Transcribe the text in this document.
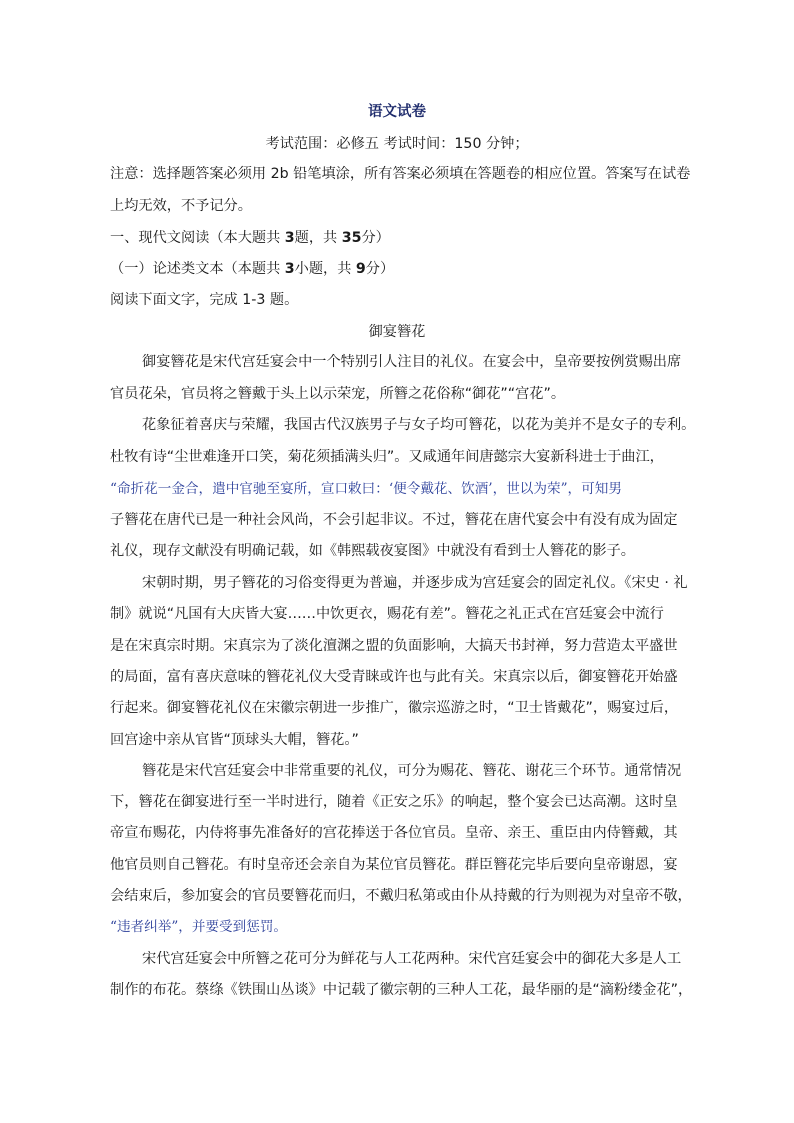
语文试卷
考试范围：必修五 考试时间：150 分钟；
注意：选择题答案必须用 2b 铅笔填涂，所有答案必须填在答题卷的相应位置。答案写在试卷
上均无效，不予记分。
一、现代文阅读（本大题共 3题，共 35分）
（一）论述类文本（本题共 3小题，共 9分）
阅读下面文字，完成 1-3 题。
御宴簪花
御宴簪花是宋代宫廷宴会中一个特别引人注目的礼仪。在宴会中，皇帝要按例赏赐出席
官员花朵，官员将之簪戴于头上以示荣宠，所簪之花俗称“御花”“宫花”。
花象征着喜庆与荣耀，我国古代汉族男子与女子均可簪花，以花为美并不是女子的专利。
杜牧有诗“尘世难逢开口笑，菊花须插满头归”。又咸通年间唐懿宗大宴新科进士于曲江，
“命折花一金合，遣中官驰至宴所，宣口敕曰：‘便令戴花、饮酒’，世以为荣”，可知男
子簪花在唐代已是一种社会风尚，不会引起非议。不过，簪花在唐代宴会中有没有成为固定
礼仪，现存文献没有明确记载，如《韩熙载夜宴图》中就没有看到士人簪花的影子。
宋朝时期，男子簪花的习俗变得更为普遍，并逐步成为宫廷宴会的固定礼仪。《宋史 · 礼
制》就说“凡国有大庆皆大宴……中饮更衣，赐花有差”。簪花之礼正式在宫廷宴会中流行
是在宋真宗时期。宋真宗为了淡化澶渊之盟的负面影响，大搞天书封禅，努力营造太平盛世
的局面，富有喜庆意味的簪花礼仪大受青睐或许也与此有关。宋真宗以后，御宴簪花开始盛
行起来。御宴簪花礼仪在宋徽宗朝进一步推广，徽宗巡游之时，“卫士皆戴花”，赐宴过后，
回宫途中亲从官皆“顶球头大帽，簪花。”
簪花是宋代宫廷宴会中非常重要的礼仪，可分为赐花、簪花、谢花三个环节。通常情况
下，簪花在御宴进行至一半时进行，随着《正安之乐》的响起，整个宴会已达高潮。这时皇
帝宣布赐花，内侍将事先准备好的宫花捧送于各位官员。皇帝、亲王、重臣由内侍簪戴，其
他官员则自己簪花。有时皇帝还会亲自为某位官员簪花。群臣簪花完毕后要向皇帝谢恩，宴
会结束后，参加宴会的官员要簪花而归，不戴归私第或由仆从持戴的行为则视为对皇帝不敬，
“违者纠举”，并要受到惩罚。
宋代宫廷宴会中所簪之花可分为鲜花与人工花两种。宋代宫廷宴会中的御花大多是人工
制作的布花。蔡绦《铁围山丛谈》中记载了徽宗朝的三种人工花，最华丽的是“滴粉缕金花”，
